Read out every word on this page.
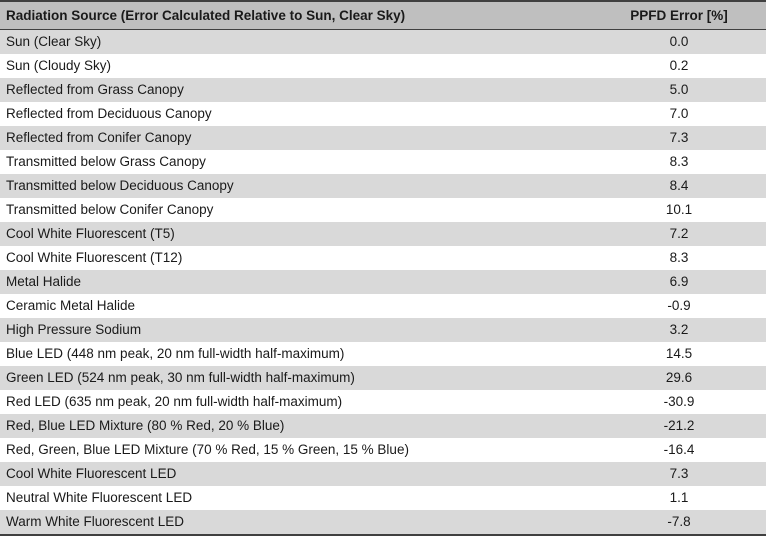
Radiation Source (Error Calculated Relative to Sun, Clear Sky)	PPFD Error [%]
Sun (Clear Sky)	0.0
Sun (Cloudy Sky)	0.2
Reflected from Grass Canopy	5.0
Reflected from Deciduous Canopy	7.0
Reflected from Conifer Canopy	7.3
Transmitted below Grass Canopy	8.3
Transmitted below Deciduous Canopy	8.4
Transmitted below Conifer Canopy	10.1
Cool White Fluorescent (T5)	7.2
Cool White Fluorescent (T12)	8.3
Metal Halide	6.9
Ceramic Metal Halide	-0.9
High Pressure Sodium	3.2
Blue LED (448 nm peak, 20 nm full-width half-maximum)	14.5
Green LED (524 nm peak, 30 nm full-width half-maximum)	29.6
Red LED (635 nm peak, 20 nm full-width half-maximum)	-30.9
Red, Blue LED Mixture (80 % Red, 20 % Blue)	-21.2
Red, Green, Blue LED Mixture (70 % Red, 15 % Green, 15 % Blue)	-16.4
Cool White Fluorescent LED	7.3
Neutral White Fluorescent LED	1.1
Warm White Fluorescent LED	-7.8
